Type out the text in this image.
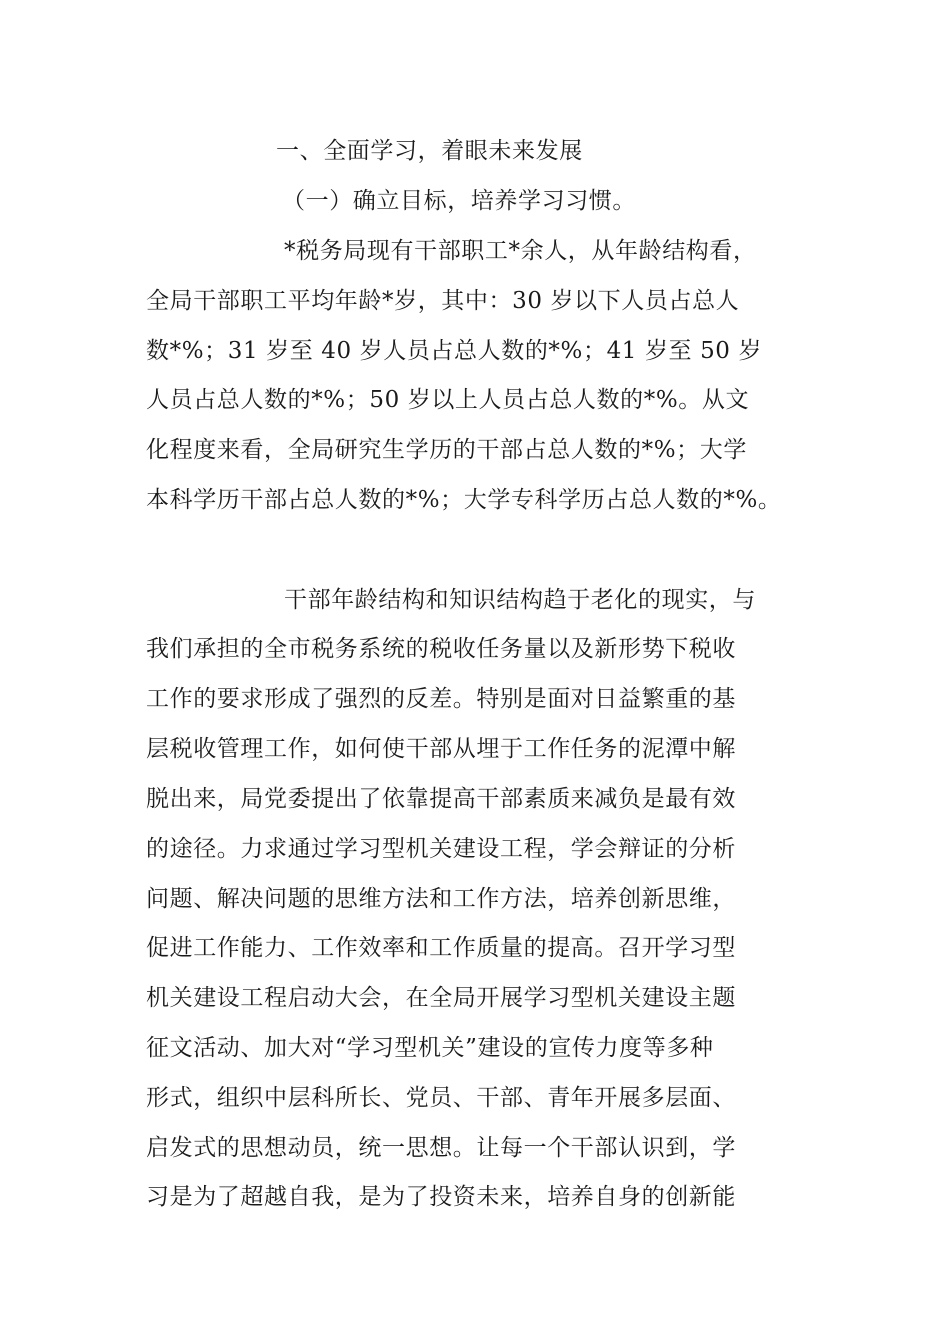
一、全面学习，着眼未来发展
（一）确立目标，培养学习习惯。
*税务局现有干部职工*余人，从年龄结构看，
全局干部职工平均年龄*岁，其中：30 岁以下人员占总人
数*%；31 岁至 40 岁人员占总人数的*%；41 岁至 50 岁
人员占总人数的*%；50 岁以上人员占总人数的*%。从文
化程度来看，全局研究生学历的干部占总人数的*%；大学
本科学历干部占总人数的*%；大学专科学历占总人数的*%。
干部年龄结构和知识结构趋于老化的现实，与
我们承担的全市税务系统的税收任务量以及新形势下税收
工作的要求形成了强烈的反差。特别是面对日益繁重的基
层税收管理工作，如何使干部从埋于工作任务的泥潭中解
脱出来，局党委提出了依靠提高干部素质来减负是最有效
的途径。力求通过学习型机关建设工程，学会辩证的分析
问题、解决问题的思维方法和工作方法，培养创新思维，
促进工作能力、工作效率和工作质量的提高。召开学习型
机关建设工程启动大会，在全局开展学习型机关建设主题
征文活动、加大对“学习型机关”建设的宣传力度等多种
形式，组织中层科所长、党员、干部、青年开展多层面、
启发式的思想动员，统一思想。让每一个干部认识到，学
习是为了超越自我，是为了投资未来，培养自身的创新能
